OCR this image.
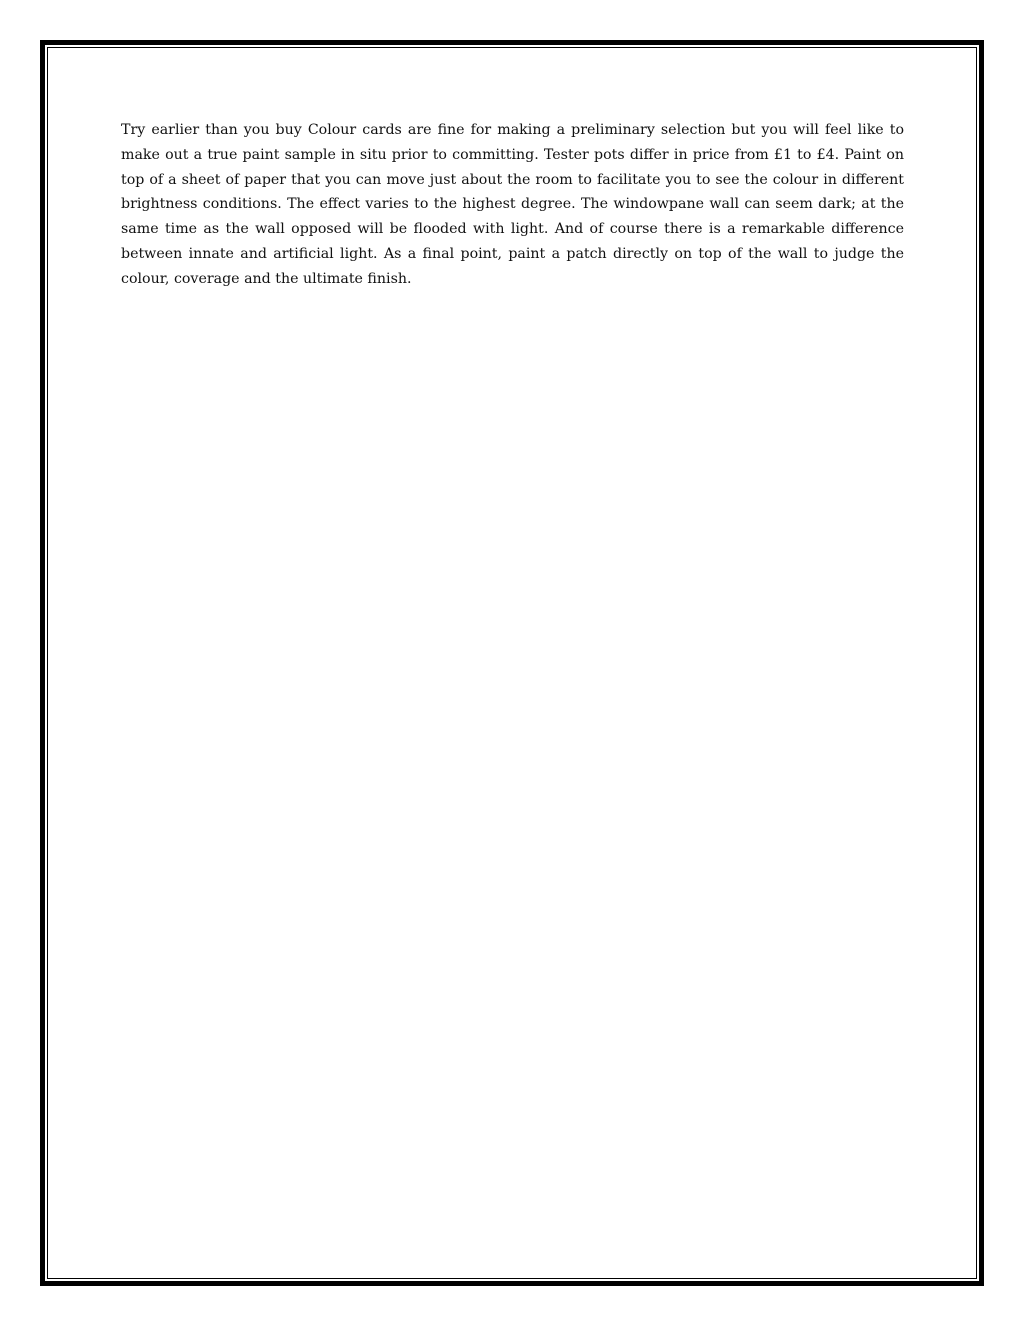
Try earlier than you buy Colour cards are fine for making a preliminary selection but you will feel like to make out a true paint sample in situ prior to committing. Tester pots differ in price from £1 to £4. Paint on top of a sheet of paper that you can move just about the room to facilitate you to see the colour in different brightness conditions. The effect varies to the highest degree. The windowpane wall can seem dark; at the same time as the wall opposed will be flooded with light. And of course there is a remarkable difference between innate and artificial light. As a final point, paint a patch directly on top of the wall to judge the colour, coverage and the ultimate finish.
